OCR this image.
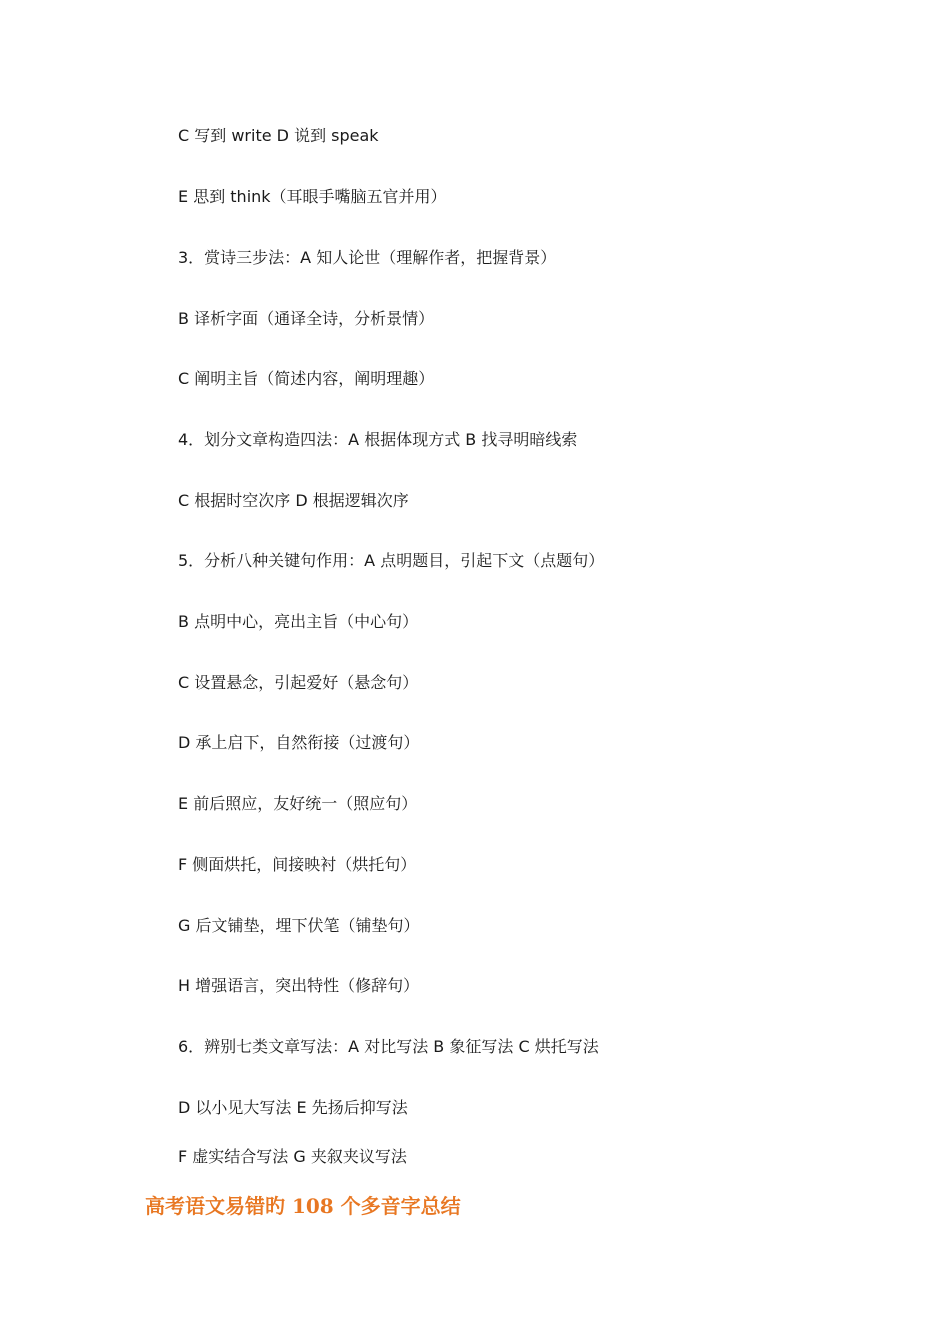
C 写到 write D 说到 speak
E 思到 think（耳眼手嘴脑五官并用）
3．赏诗三步法：A 知人论世（理解作者，把握背景）
B 译析字面（通译全诗，分析景情）
C 阐明主旨（简述内容，阐明理趣）
4．划分文章构造四法：A 根据体现方式 B 找寻明暗线索
C 根据时空次序 D 根据逻辑次序
5．分析八种关键句作用：A 点明题目，引起下文（点题句）
B 点明中心，亮出主旨（中心句）
C 设置悬念，引起爱好（悬念句）
D 承上启下，自然衔接（过渡句）
E 前后照应，友好统一（照应句）
F 侧面烘托，间接映衬（烘托句）
G 后文铺垫，埋下伏笔（铺垫句）
H 增强语言，突出特性（修辞句）
6．辨别七类文章写法：A 对比写法 B 象征写法 C 烘托写法
D 以小见大写法 E 先扬后抑写法
F 虚实结合写法 G 夹叙夹议写法
高考语文易错旳 108 个多音字总结
